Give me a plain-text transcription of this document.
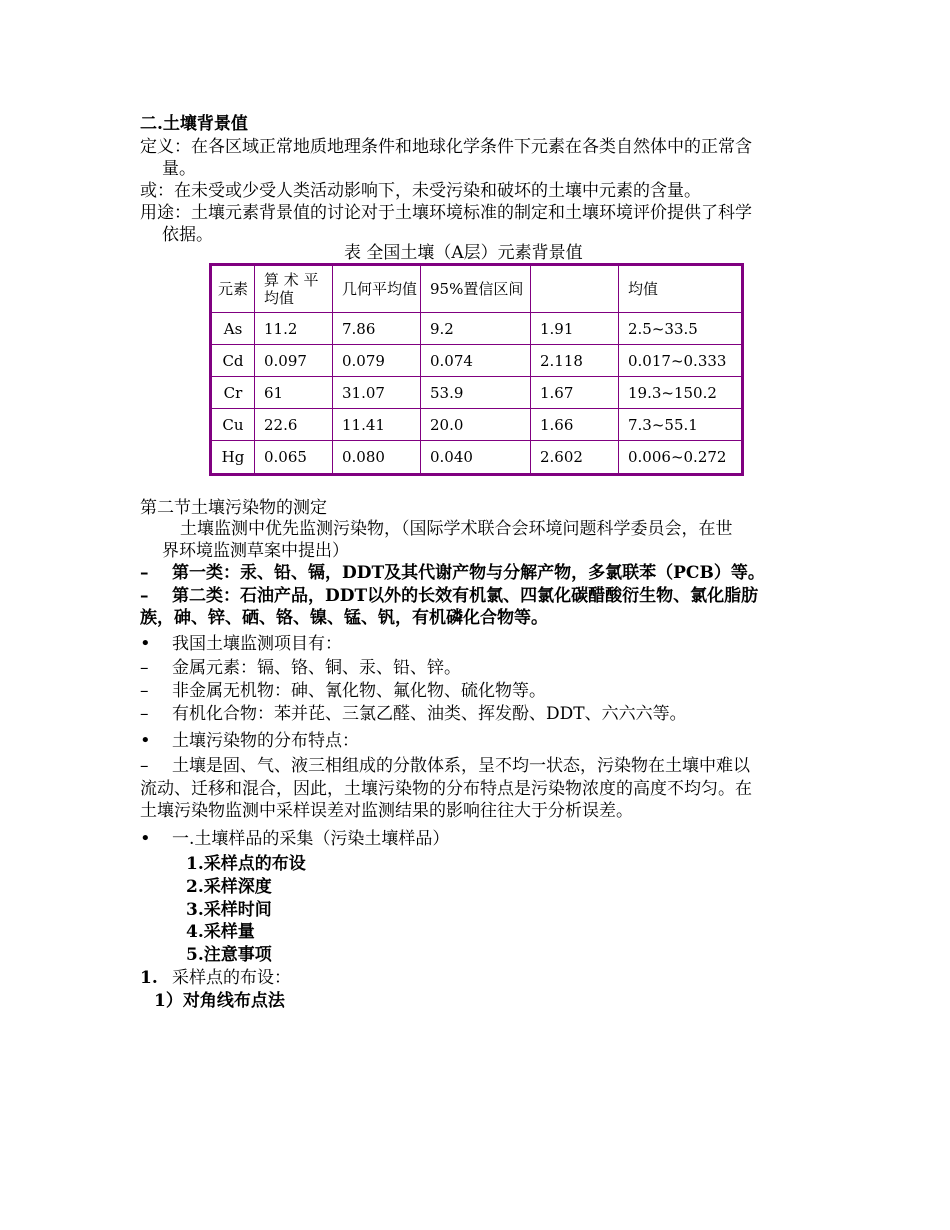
二.土壤背景值
定义：在各区域正常地质地理条件和地球化学条件下元素在各类自然体中的正常含
量。
或：在未受或少受人类活动影响下，未受污染和破坏的土壤中元素的含量。
用途：土壤元素背景值的讨论对于土壤环境标准的制定和土壤环境评价提供了科学
依据。
表 全国土壤（A层）元素背景值
元素	算 术 平 均值	几何平均值	95%置信区间		均值
As	11.2	7.86	9.2	1.91	2.5~33.5
Cd	0.097	0.079	0.074	2.118	0.017~0.333
Cr	61	31.07	53.9	1.67	19.3~150.2
Cu	22.6	11.41	20.0	1.66	7.3~55.1
Hg	0.065	0.080	0.040	2.602	0.006~0.272
第二节土壤污染物的测定
土壤监测中优先监测污染物，（国际学术联合会环境问题科学委员会，在世
界环境监测草案中提出）
– 第一类：汞、铅、镉，DDT及其代谢产物与分解产物，多氯联苯（PCB）等。
– 第二类：石油产品，DDT以外的长效有机氯、四氯化碳醋酸衍生物、氯化脂肪
族，砷、锌、硒、铬、镍、锰、钒，有机磷化合物等。
• 我国土壤监测项目有：
– 金属元素：镉、铬、铜、汞、铅、锌。
– 非金属无机物：砷、氰化物、氟化物、硫化物等。
– 有机化合物：苯并芘、三氯乙醛、油类、挥发酚、DDT、六六六等。
• 土壤污染物的分布特点：
– 土壤是固、气、液三相组成的分散体系，呈不均一状态，污染物在土壤中难以
流动、迁移和混合，因此，土壤污染物的分布特点是污染物浓度的高度不均匀。在
土壤污染物监测中采样误差对监测结果的影响往往大于分析误差。
• 一.土壤样品的采集（污染土壤样品）
1.采样点的布设
2.采样深度
3.采样时间
4.采样量
5.注意事项
1. 采样点的布设：
1）对角线布点法
